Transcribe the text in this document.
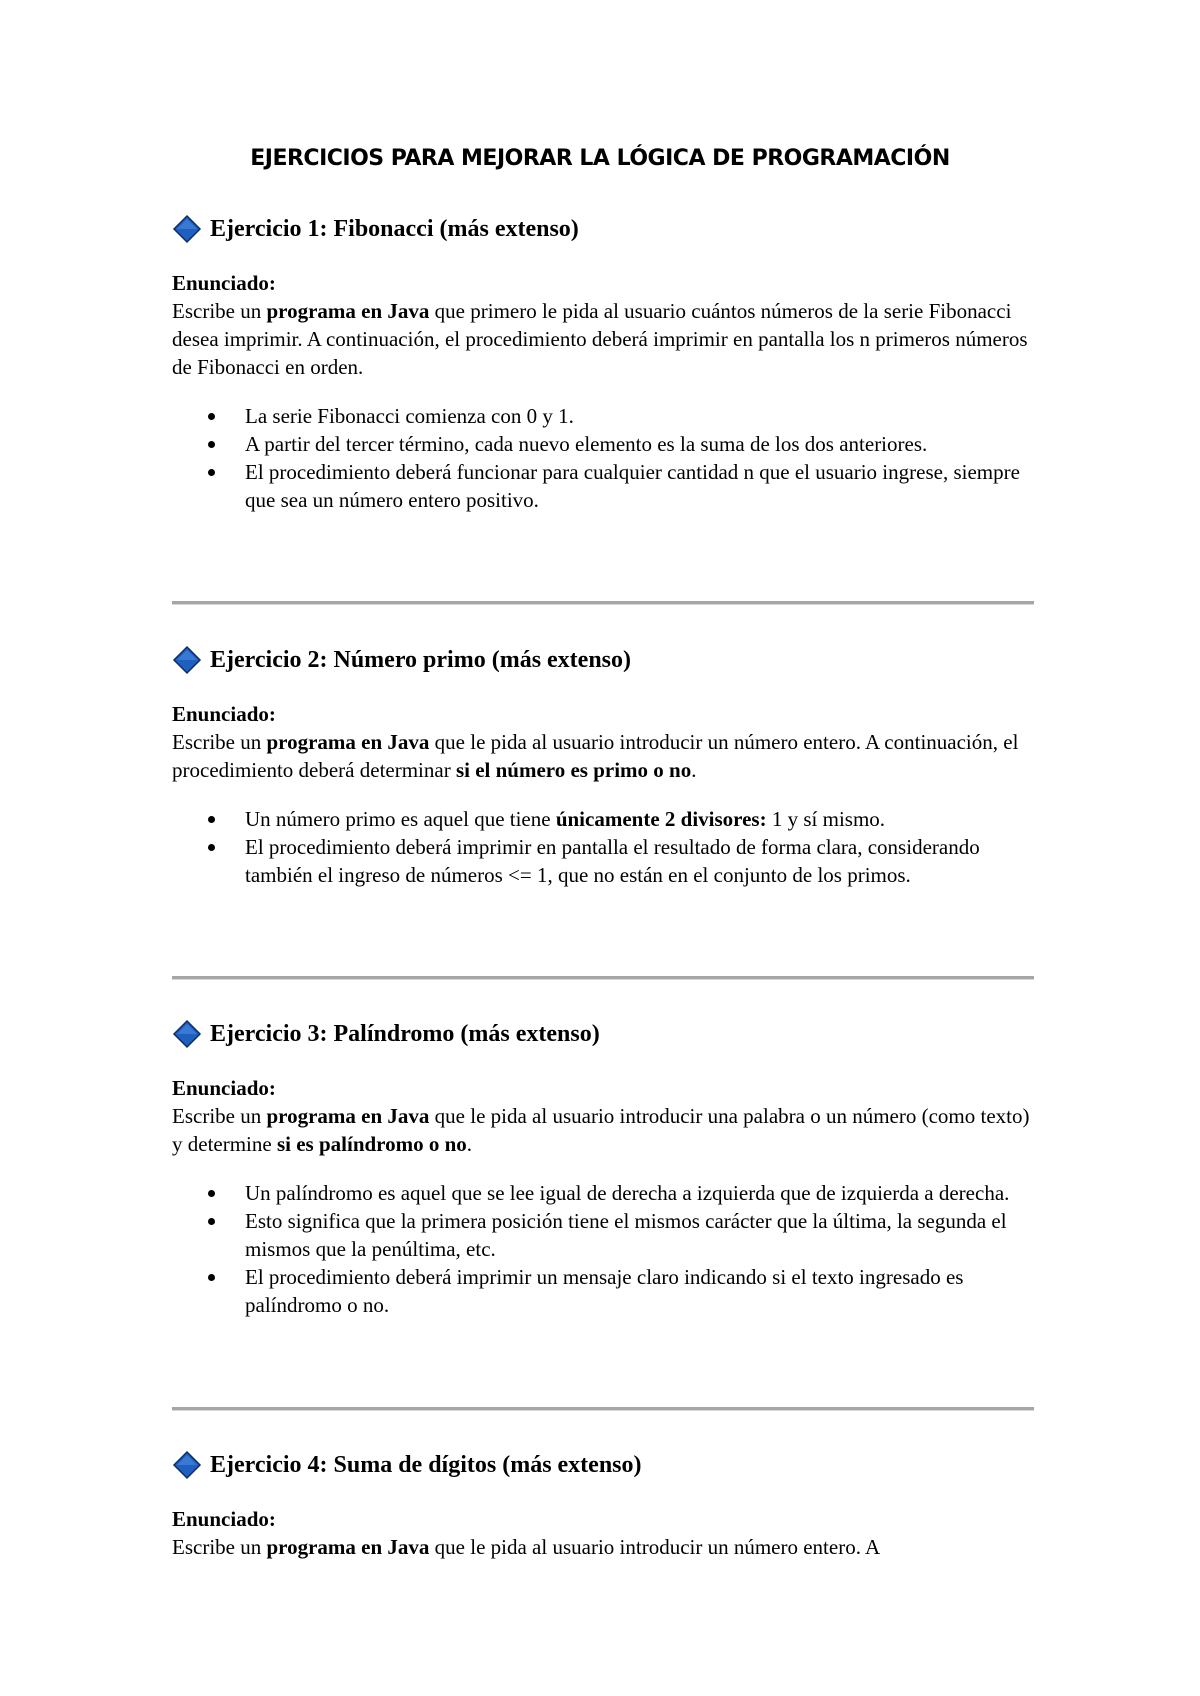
EJERCICIOS PARA MEJORAR LA LÓGICA DE PROGRAMACIÓN
Ejercicio 1: Fibonacci (más extenso)
Enunciado:

Escribe un programa en Java que primero le pida al usuario cuántos números de la serie Fibonacci desea imprimir. A continuación, el procedimiento deberá imprimir en pantalla los n primeros números de Fibonacci en orden.

La serie Fibonacci comienza con 0 y 1.
A partir del tercer término, cada nuevo elemento es la suma de los dos anteriores.
El procedimiento deberá funcionar para cualquier cantidad n que el usuario ingrese, siempre que sea un número entero positivo.
Ejercicio 2: Número primo (más extenso)
Enunciado:

Escribe un programa en Java que le pida al usuario introducir un número entero. A continuación, el procedimiento deberá determinar si el número es primo o no.

Un número primo es aquel que tiene únicamente 2 divisores: 1 y sí mismo.
El procedimiento deberá imprimir en pantalla el resultado de forma clara, considerando también el ingreso de números <= 1, que no están en el conjunto de los primos.
Ejercicio 3: Palíndromo (más extenso)
Enunciado:

Escribe un programa en Java que le pida al usuario introducir una palabra o un número (como texto) y determine si es palíndromo o no.

Un palíndromo es aquel que se lee igual de derecha a izquierda que de izquierda a derecha.
Esto significa que la primera posición tiene el mismos carácter que la última, la segunda el mismos que la penúltima, etc.
El procedimiento deberá imprimir un mensaje claro indicando si el texto ingresado es palíndromo o no.
Ejercicio 4: Suma de dígitos (más extenso)
Enunciado:

Escribe un programa en Java que le pida al usuario introducir un número entero. A
